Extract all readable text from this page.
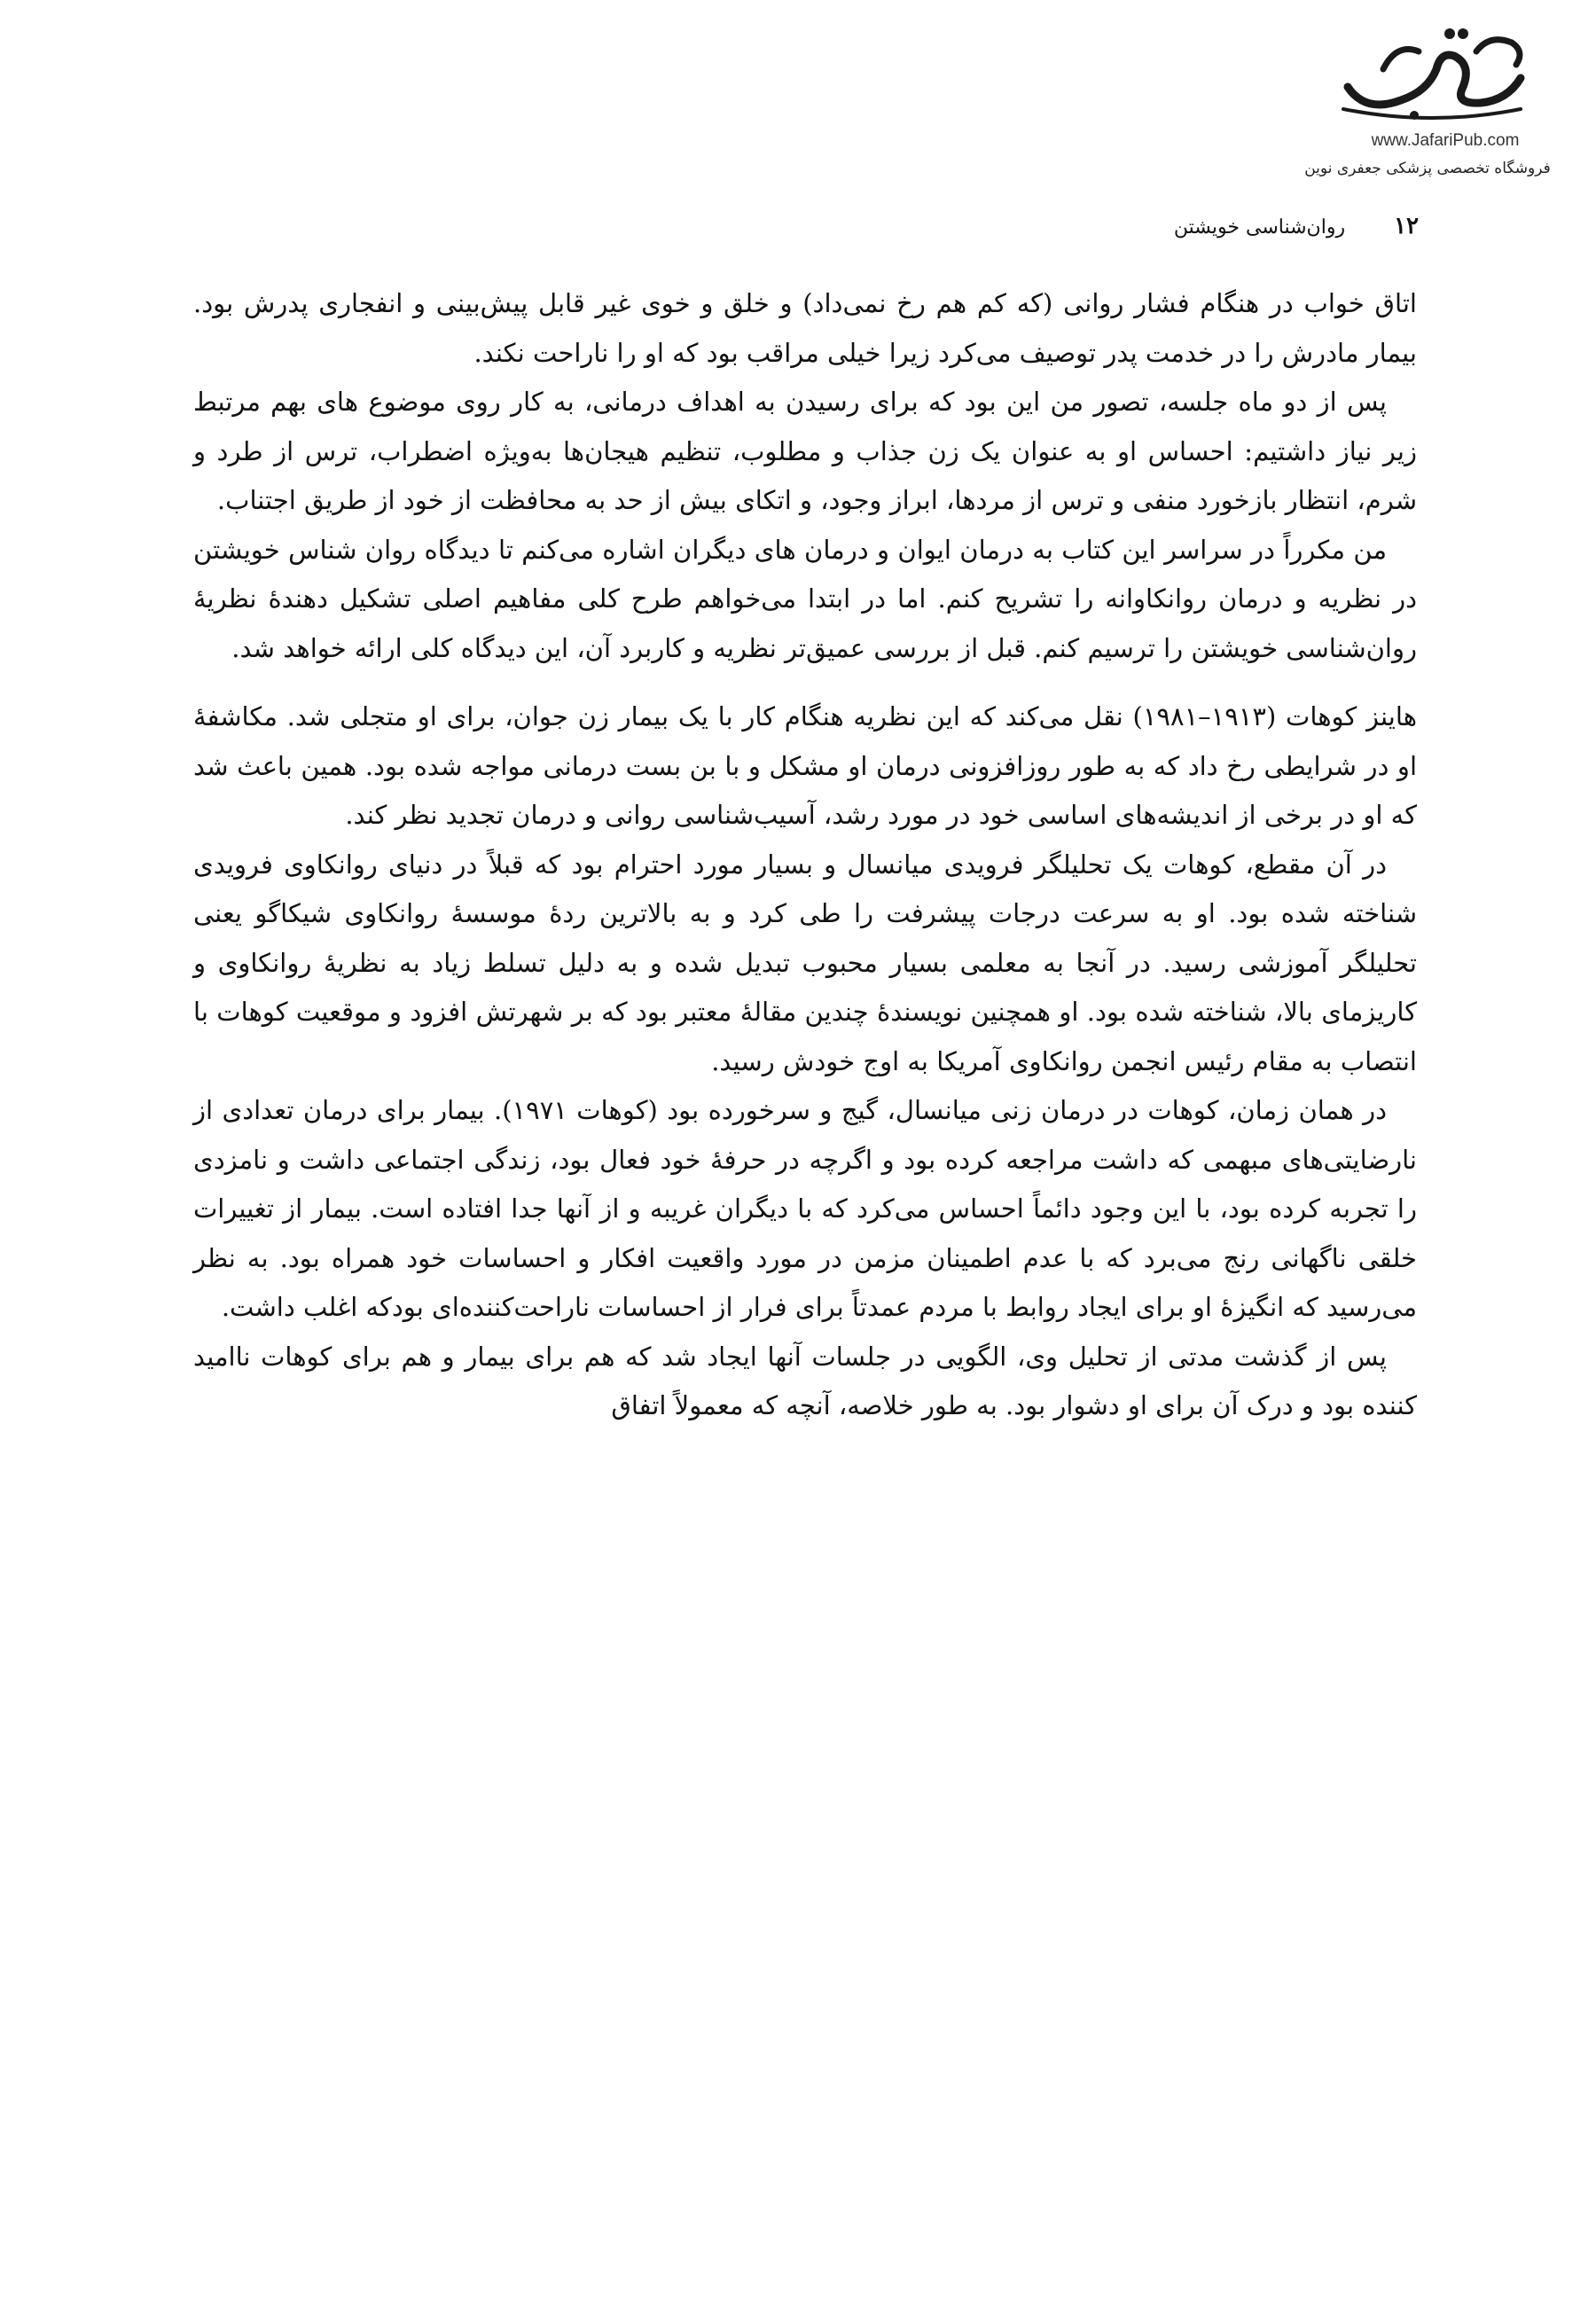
www.JafariPub.com
فروشگاه تخصصی پزشکی جعفری نوین
۱۲ روان‌شناسی خویشتن

اتاق خواب در هنگام فشار روانی (که کم هم رخ نمی‌داد) و خلق و خوی غیر قابل پیش‌بینی و انفجاری پدرش بود. بیمار مادرش را در خدمت پدر توصیف می‌کرد زیرا خیلی مراقب بود که او را ناراحت نکند.

پس از دو ماه جلسه، تصور من این بود که برای رسیدن به اهداف درمانی، به کار روی موضوع های بهم مرتبط زیر نیاز داشتیم: احساس او به عنوان یک زن جذاب و مطلوب، تنظیم هیجان‌ها به‌ویژه اضطراب، ترس از طرد و شرم، انتظار بازخورد منفی و ترس از مردها، ابراز وجود، و اتکای بیش از حد به محافظت از خود از طریق اجتناب.

من مکرراً در سراسر این کتاب به درمان ایوان و درمان های دیگران اشاره می‌کنم تا دیدگاه روان شناس خویشتن در نظریه و درمان روانکاوانه را تشریح کنم. اما در ابتدا می‌خواهم طرح کلی مفاهیم اصلی تشکیل دهندهٔ نظریهٔ روان‌شناسی خویشتن را ترسیم کنم. قبل از بررسی عمیق‌تر نظریه و کاربرد آن، این دیدگاه کلی ارائه خواهد شد.

هاینز کوهات (۱۹۱۳–۱۹۸۱) نقل می‌کند که این نظریه هنگام کار با یک بیمار زن جوان، برای او متجلی شد. مکاشفهٔ او در شرایطی رخ داد که به طور روزافزونی درمان او مشکل و با بن بست درمانی مواجه شده بود. همین باعث شد که او در برخی از اندیشه‌های اساسی خود در مورد رشد، آسیب‌شناسی روانی و درمان تجدید نظر کند.

در آن مقطع، کوهات یک تحلیلگر فرویدی میانسال و بسیار مورد احترام بود که قبلاً در دنیای روانکاوی فرویدی شناخته شده بود. او به سرعت درجات پیشرفت را طی کرد و به بالاترین ردهٔ موسسهٔ روانکاوی شیکاگو یعنی تحلیلگر آموزشی رسید. در آنجا به معلمی بسیار محبوب تبدیل شده و به دلیل تسلط زیاد به نظریهٔ روانکاوی و کاریزمای بالا، شناخته شده بود. او همچنین نویسندهٔ چندین مقالهٔ معتبر بود که بر شهرتش افزود و موقعیت کوهات با انتصاب به مقام رئیس انجمن روانکاوی آمریکا به اوج خودش رسید.

در همان زمان، کوهات در درمان زنی میانسال، گیج و سرخورده بود (کوهات ۱۹۷۱). بیمار برای درمان تعدادی از نارضایتی‌های مبهمی که داشت مراجعه کرده بود و اگرچه در حرفهٔ خود فعال بود، زندگی اجتماعی داشت و نامزدی را تجربه کرده بود، با این وجود دائماً احساس می‌کرد که با دیگران غریبه و از آنها جدا افتاده است. بیمار از تغییرات خلقی ناگهانی رنج می‌برد که با عدم اطمینان مزمن در مورد واقعیت افکار و احساسات خود همراه بود. به نظر می‌رسید که انگیزهٔ او برای ایجاد روابط با مردم عمدتاً برای فرار از احساسات ناراحت‌کننده‌ای بودکه اغلب داشت.

پس از گذشت مدتی از تحلیل وی، الگویی در جلسات آنها ایجاد شد که هم برای بیمار و هم برای کوهات ناامید کننده بود و درک آن برای او دشوار بود. به طور خلاصه، آنچه که معمولاً اتفاق
